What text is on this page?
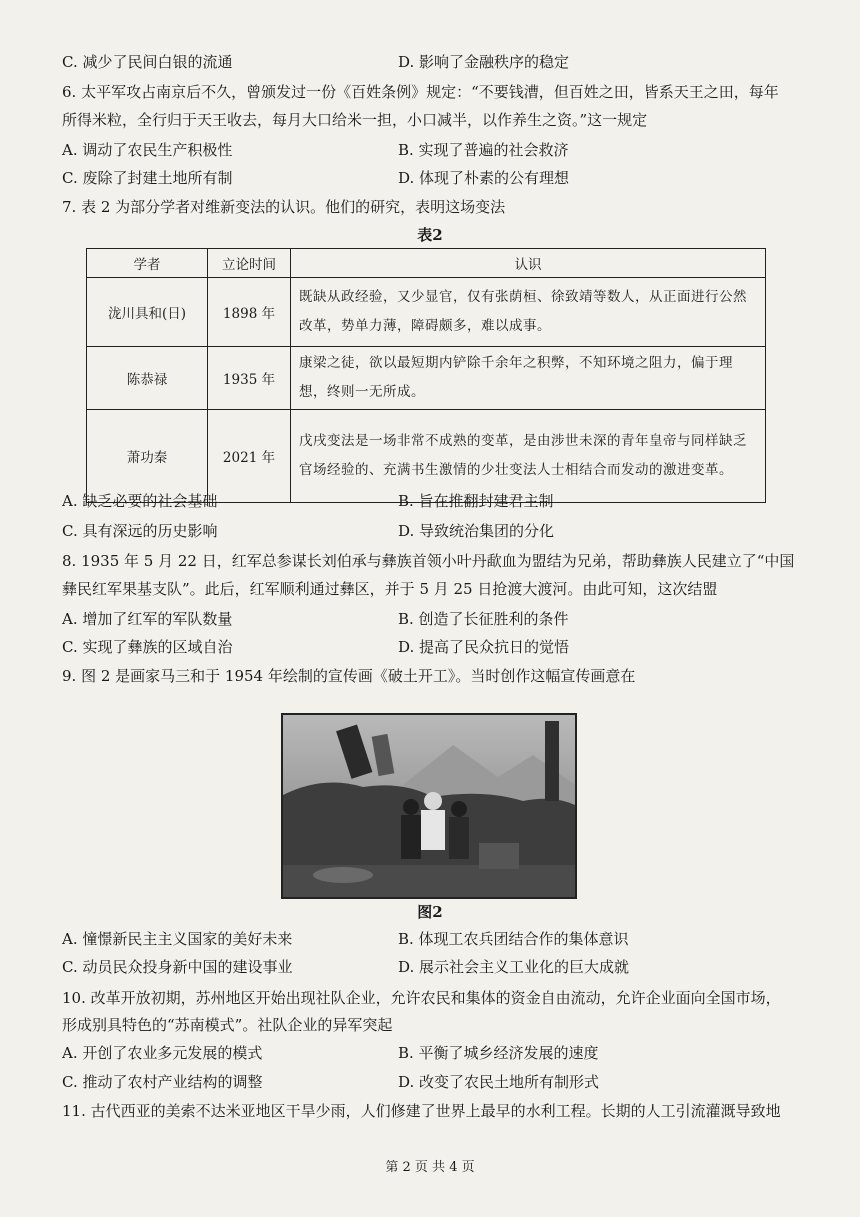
C. 减少了民间白银的流通	D. 影响了金融秩序的稳定
6. 太平军攻占南京后不久，曾颁发过一份《百姓条例》规定：“不要钱漕，但百姓之田，皆系天王之田，每年
所得米粒，全行归于天王收去，每月大口给米一担，小口减半，以作养生之资。”这一规定
A. 调动了农民生产积极性	B. 实现了普遍的社会救济
C. 废除了封建土地所有制	D. 体现了朴素的公有理想
7. 表 2 为部分学者对维新变法的认识。他们的研究，表明这场变法
表2
学者	立论时间	认识
泷川具和(日)	1898 年	既缺从政经验，又少显官，仅有张荫桓、徐致靖等数人，从正面进行公然改革，势单力薄，障碍颇多，难以成事。
陈恭禄	1935 年	康梁之徒，欲以最短期内铲除千余年之积弊，不知环境之阻力，偏于理想，终则一无所成。
萧功秦	2021 年	戊戌变法是一场非常不成熟的变革，是由涉世未深的青年皇帝与同样缺乏官场经验的、充满书生激情的少壮变法人士相结合而发动的激进变革。
A. 缺乏必要的社会基础	B. 旨在推翻封建君主制
C. 具有深远的历史影响	D. 导致统治集团的分化
8. 1935 年 5 月 22 日，红军总参谋长刘伯承与彝族首领小叶丹歃血为盟结为兄弟，帮助彝族人民建立了“中国
彝民红军果基支队”。此后，红军顺利通过彝区，并于 5 月 25 日抢渡大渡河。由此可知，这次结盟
A. 增加了红军的军队数量	B. 创造了长征胜利的条件
C. 实现了彝族的区域自治	D. 提高了民众抗日的觉悟
9. 图 2 是画家马三和于 1954 年绘制的宣传画《破土开工》。当时创作这幅宣传画意在
图2
A. 憧憬新民主主义国家的美好未来	B. 体现工农兵团结合作的集体意识
C. 动员民众投身新中国的建设事业	D. 展示社会主义工业化的巨大成就
10. 改革开放初期，苏州地区开始出现社队企业，允许农民和集体的资金自由流动，允许企业面向全国市场，
形成别具特色的“苏南模式”。社队企业的异军突起
A. 开创了农业多元发展的模式	B. 平衡了城乡经济发展的速度
C. 推动了农村产业结构的调整	D. 改变了农民土地所有制形式
11. 古代西亚的美索不达米亚地区干旱少雨，人们修建了世界上最早的水利工程。长期的人工引流灌溉导致地
第 2 页 共 4 页
